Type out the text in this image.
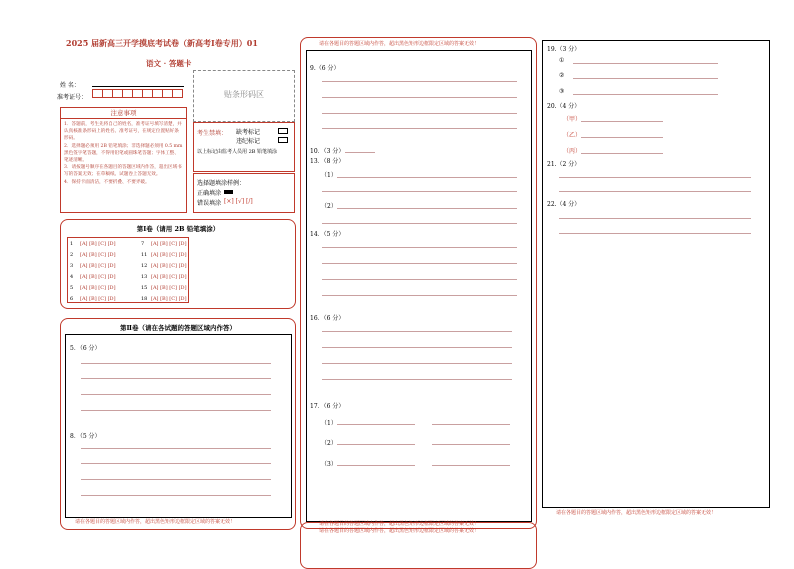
2025 届新高三开学摸底考试卷（新高考Ⅰ卷专用）01
语文 · 答题卡
姓 名：
准考证号：	贴条形码区
注意事项
1．答题前，考生先将自己的姓名，准考证号填写清楚，并认真核准条形码上的姓名、准考证号，在规定位置贴好条形码。
2．选择题必须用 2B 铅笔填涂；非选择题必须用 0.5 mm 黑色签字笔答题，不得用铅笔或圆珠笔答题；字体工整、笔迹清晰。
3．请按题号顺序在各题目的答题区域内作答，超出区域书写的答案无效；在草稿纸、试题卷上答题无效。
4．保持卡面清洁，不要折叠、不要弄破。
考生禁填： 缺考标记
违纪标记
以上标记由监考人员用 2B 铅笔填涂
选择题填涂样例：
正确填涂
错误填涂 [×] [√] [/]
第Ⅰ卷（请用 2B 铅笔填涂）
1 [A] [B] [C] [D]
2 [A] [B] [C] [D]
3 [A] [B] [C] [D]
4 [A] [B] [C] [D]
5 [A] [B] [C] [D]
6 [A] [B] [C] [D]
7 [A] [B] [C] [D]
11 [A] [B] [C] [D]
12 [A] [B] [C] [D]
13 [A] [B] [C] [D]
15 [A] [B] [C] [D]
18 [A] [B] [C] [D]
第Ⅱ卷（请在各试题的答题区域内作答）
5．（6 分）
8．（5 分）
请在各题目的答题区域内作答，超出黑色矩形边框限定区域的答案无效！
请在各题目的答题区域内作答，超出黑色矩形边框限定区域的答案无效！
9.（6 分）
10．（3 分）
13．（8 分）
（1）
（2）
14．（5 分）
16．（6 分）
17．（6 分）
（1）
（2）
（3）
请在各题目的答题区域内作答，超出黑色矩形边框限定区域的答案无效！
请在各题目的答题区域内作答，超出黑色矩形边框限定区域的答案无效！
19.（3 分）
①
②
③
20.（4 分）
（甲）
（乙）
（丙）
21.（2 分）
22.（4 分）
请在各题目的答题区域内作答，超出黑色矩形边框限定区域的答案无效！
